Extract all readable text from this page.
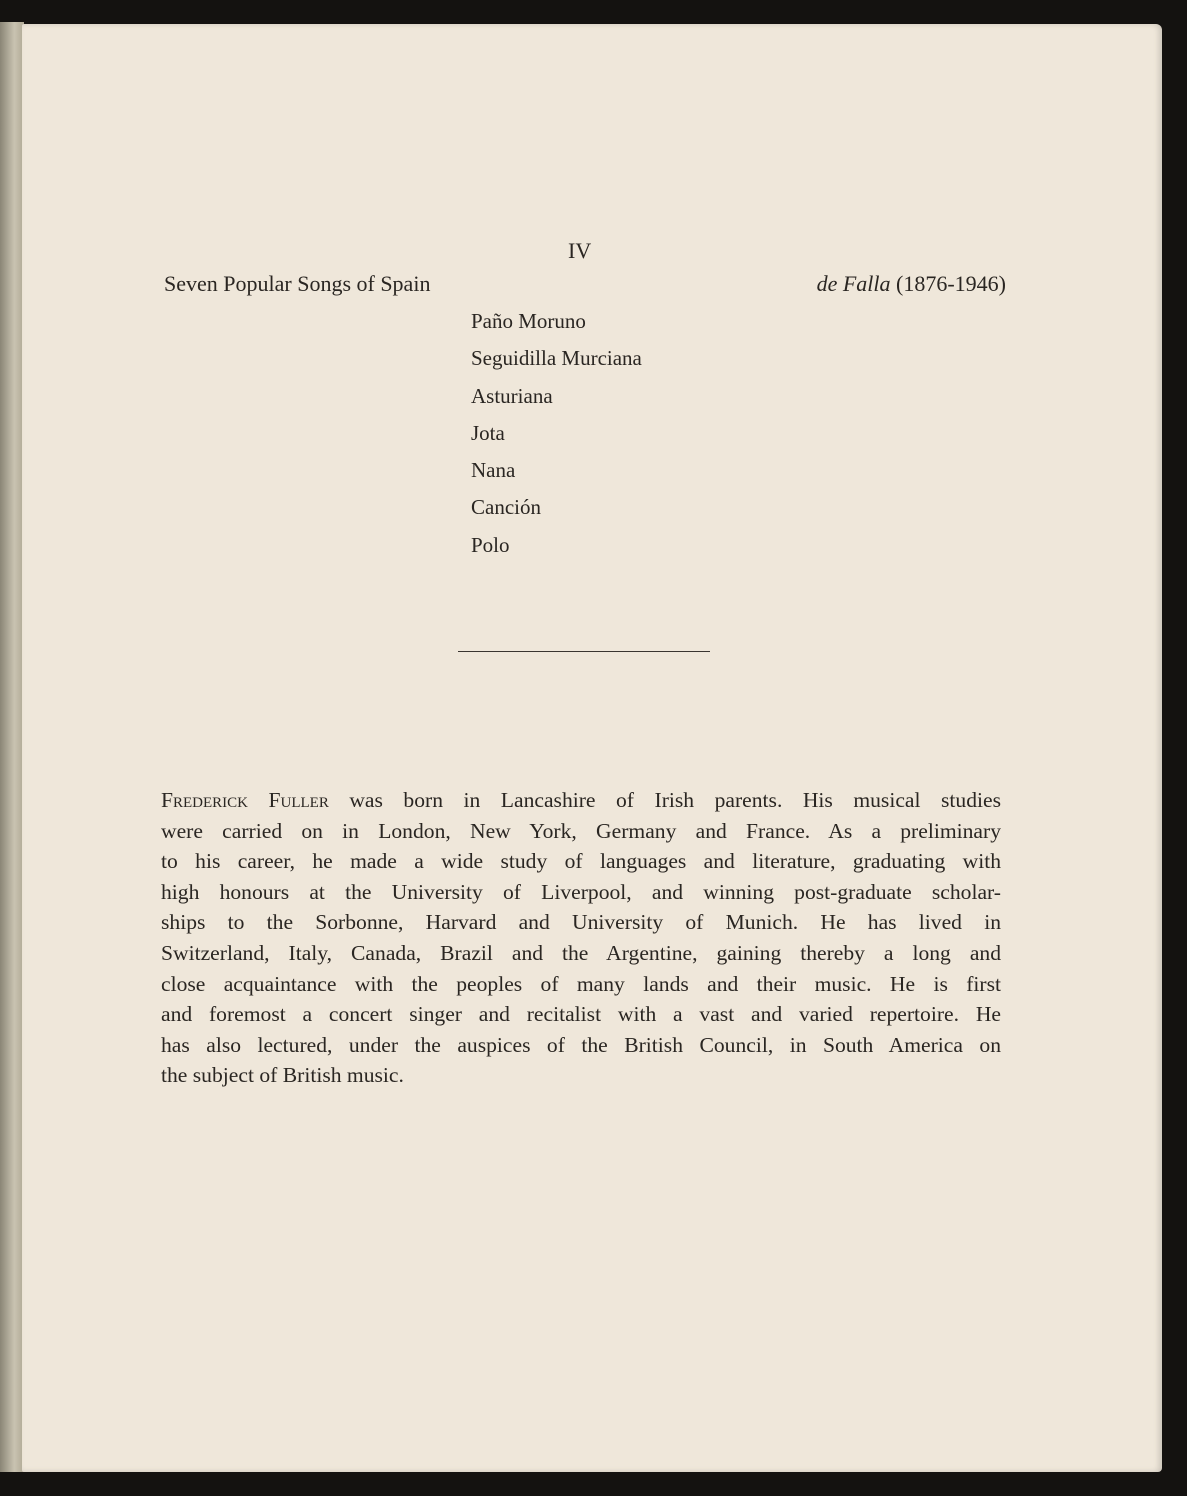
IV
Seven Popular Songs of Spain	de Falla (1876-1946)
Paño Moruno
Seguidilla Murciana
Asturiana
Jota
Nana
Canción
Polo
Frederick Fuller was born in Lancashire of Irish parents. His musical studies
were carried on in London, New York, Germany and France. As a preliminary
to his career, he made a wide study of languages and literature, graduating with
high honours at the University of Liverpool, and winning post-graduate scholar-
ships to the Sorbonne, Harvard and University of Munich. He has lived in
Switzerland, Italy, Canada, Brazil and the Argentine, gaining thereby a long and
close acquaintance with the peoples of many lands and their music. He is first
and foremost a concert singer and recitalist with a vast and varied repertoire. He
has also lectured, under the auspices of the British Council, in South America on
the subject of British music.
